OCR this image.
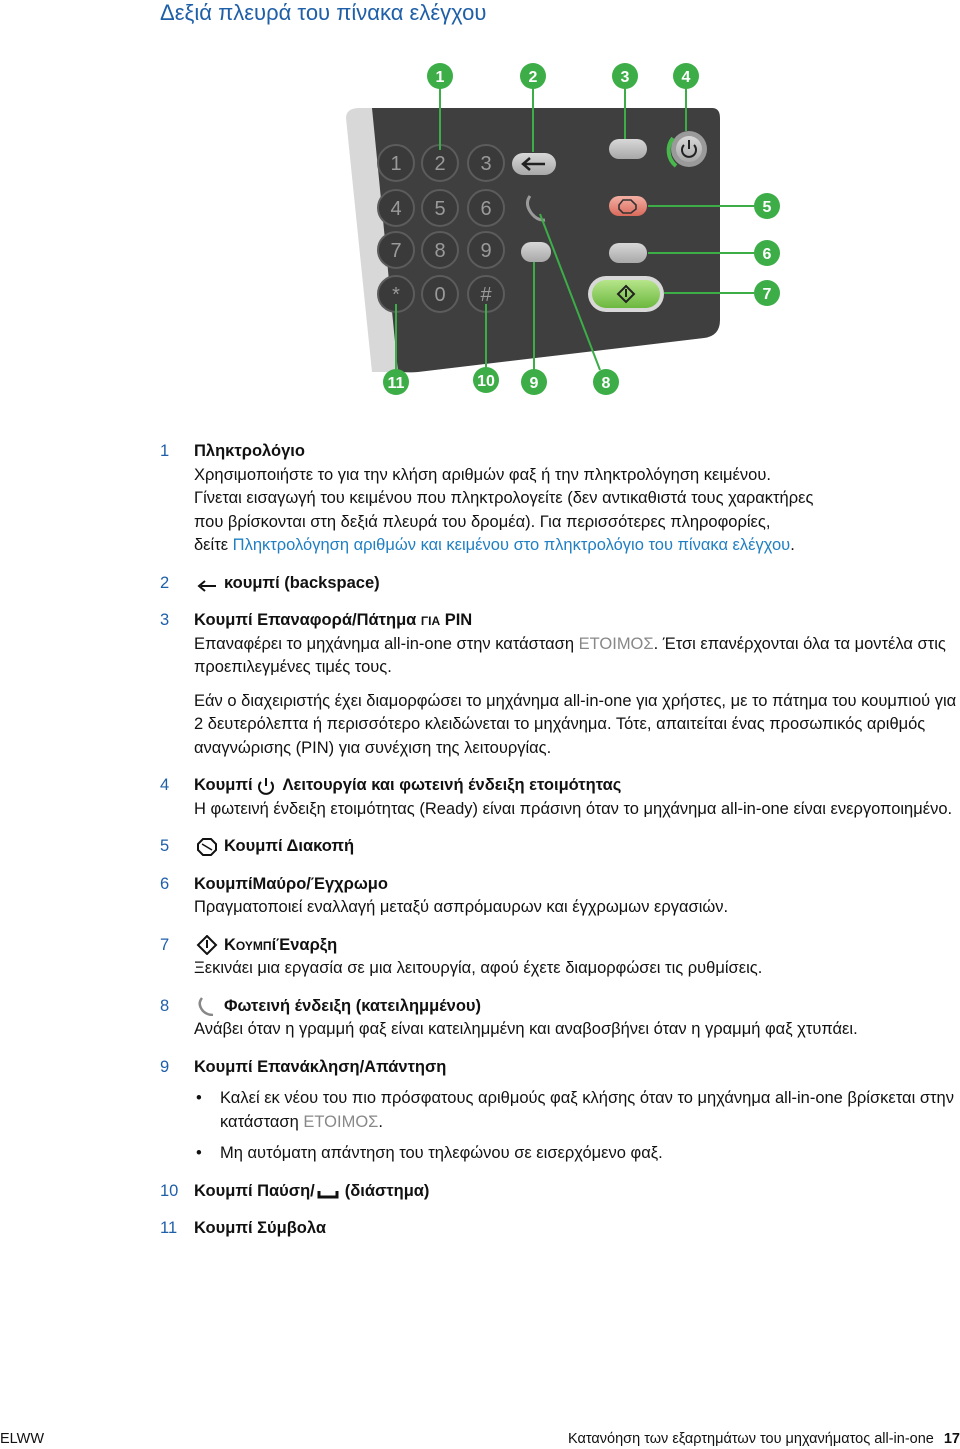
Δεξιά πλευρά του πίνακα ελέγχου
1 2 3
4 5 6
7 8 9
* 0 #
1	2	3	4
5
6
7
8
9
10
11
1 Πληκτρολόγιο

Χρησιμοποιήστε το για την κλήση αριθμών φαξ ή την πληκτρολόγηση κειμένου.

Γίνεται εισαγωγή του κειμένου που πληκτρολογείτε (δεν αντικαθιστά τους χαρακτήρες

που βρίσκονται στη δεξιά πλευρά του δρομέα). Για περισσότερες πληροφορίες,

δείτε Πληκτρολόγηση αριθμών και κειμένου στο πληκτρολόγιο του πίνακα ελέγχου.

2	κουμπί (backspace)
3 Κουμπί Επαναφορά/Πάτημα για PIN

Επαναφέρει το μηχάνημα all-in-one στην κατάσταση ΕΤΟΙΜΟΣ. Έτσι επανέρχονται όλα τα μοντέλα στις προεπιλεγμένες τιμές τους.

Εάν ο διαχειριστής έχει διαμορφώσει το μηχάνημα all-in-one για χρήστες, με το πάτημα του κουμπιού για 2 δευτερόλεπτα ή περισσότερο κλειδώνεται το μηχάνημα. Τότε, απαιτείται ένας προσωπικός αριθμός αναγνώρισης (PIN) για συνέχιση της λειτουργίας.

4 Κουμπί Λειτουργία και φωτεινή ένδειξη ετοιμότητας

Η φωτεινή ένδειξη ετοιμότητας (Ready) είναι πράσινη όταν το μηχάνημα all-in-one είναι ενεργοποιημένο.

5	Κουμπί Διακοπή
6 ΚουμπίΜαύρο/Έγχρωμο

Πραγματοποιεί εναλλαγή μεταξύ ασπρόμαυρων και έγχρωμων εργασιών.

7	ΚουμπίΈναρξη

Ξεκινάει μια εργασία σε μια λειτουργία, αφού έχετε διαμορφώσει τις ρυθμίσεις.

8	Φωτεινή ένδειξη (κατειλημμένου)

Ανάβει όταν η γραμμή φαξ είναι κατειλημμένη και αναβοσβήνει όταν η γραμμή φαξ χτυπάει.

9 Κουμπί Επανάκληση/Απάντηση
• Καλεί εκ νέου του πιο πρόσφατους αριθμούς φαξ κλήσης όταν το μηχάνημα all-in-one βρίσκεται στην κατάσταση ΕΤΟΙΜΟΣ.
• Μη αυτόματη απάντηση του τηλεφώνου σε εισερχόμενο φαξ.
10 Κουμπί Παύση/ (διάστημα)
11 Κουμπί Σύμβολα
ELWW	Κατανόηση των εξαρτημάτων του μηχανήματος all-in-one 17
